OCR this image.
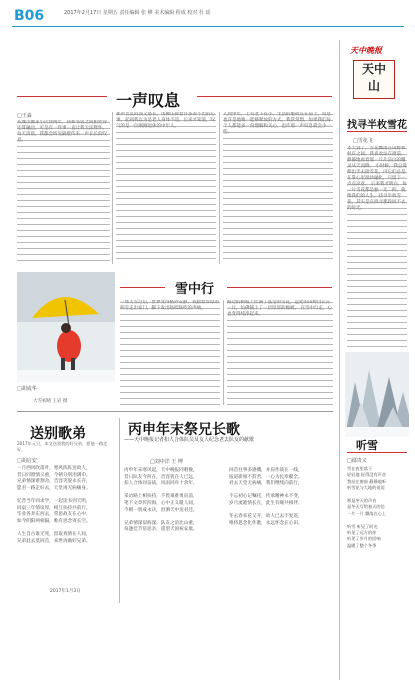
B06	2017年2月17日 星期五 责任编辑 张 峰 美术编辑 程成 校对 杜 瑶
天中晚报
天中
山
一声叹息
□王淼
从城市搬来小区快两年，我和邻居之间相处得还算融洽，可是有一件事一直让我无法释怀。每天清晨，我都会听见隔壁传来一声长长的叹息。
那声音沉闷而又悠长，仿佛压抑着许多说不出的心事。起初我以为是老人身体不适，后来才知道，叹气的是一位刚刚退休的中年人。
人到中年，上有老下有小，生活的重担压在肩上，叹息也许是他唯一能够释放的方式。我常常想，如果我们每个人都能多一份理解和关心，也许那一声叹息就会少一些。
找寻半枚雪花
□雪花飞
冬天到了，雪花飘落在田野和村庄之间。我喜欢站在窗前，静静地看着那一片片洁白的精灵从天而降。 小时候，我总爱伸出手去接雪花，可它们总是在掌心里很快融化，只留下一点点凉意。 后来我才明白，每一片雪花都是独一无二的，就像我们的人生。找寻半枚雪花，其实是在找寻那段回不去的时光。
□胡成华
大雪初晴 王岩 摄
雪中行
一场大雪过后，世界变得格外安静。我踏着厚厚的积雪走出家门，脚下发出咯吱咯吱的声响。
路边的树枝上挂满了晶莹的雪花，远处的田野白茫茫一片，仿佛铺上了一层厚厚的棉被。 在雪中行走，心也变得纯净起来。
送别歌弟
2017年元旦，本文送别我的好兄弟，愿他一路走好。
□胡启安
一月西风吹落叶，寒风阵阵送故人，
昔日同窗情义重，今朝分别泪满巾。
兄弟情深难割舍，音容笑貌永长存，
愿君一路走好去，天堂再无病痛身。

忆昔当年同求学，一起读书到天明，
同桌三年情谊厚，相互扶持共前行。
毕业各奔东西去，常思故友在心中，
如今阴阳两相隔，唯有思念寄长空。

人生自古谁无死，留取真情在人间，
兄弟此去莫回首，来世再做好兄弟。
2017年1月3日
丙申年末祭兄长歌
——天中晚报记者扣人合体队员及友人纪念老去队友的献歌
□刘中洋 王 博
丙申年末寒风起，天中晚报同唱挽，
昔日队友今何在，音容犹在人已远，
扣人合体同奋战，风雨同舟十余年。

采访路上相扶持，不畏艰难勇向前，
笔下文章传四海，心中正义暖人间，
今朝一别成永诀，泪洒天中送君还。

兄弟情深似海深，队友之谊比山重，
每逢佳节倍思亲，遥望天国祝安康。
回首往事多感慨，并肩作战在一线，
报道新闻不辞苦，一心为民奉献全。
君去天堂无病痛，我们继续向前行，

不忘初心记嘱托，传承精神永不变，
岁月流逝情长在，此生有缘共相伴。

冬去春来花又开，故人已去不复返，
唯将思念化作歌，永远怀念在心田。
听雪
□鄢贵义
雪在夜里落下
轻轻地 轻得没有声音
我站在窗前 静静地听
听雪花与大地的低语

那是冬天的声音
是冬天写给春天的信
一片一片 飘落在心上

听雪 听见了时光
听见了远方的你
听见了岁月的回响
温暖了整个冬季
